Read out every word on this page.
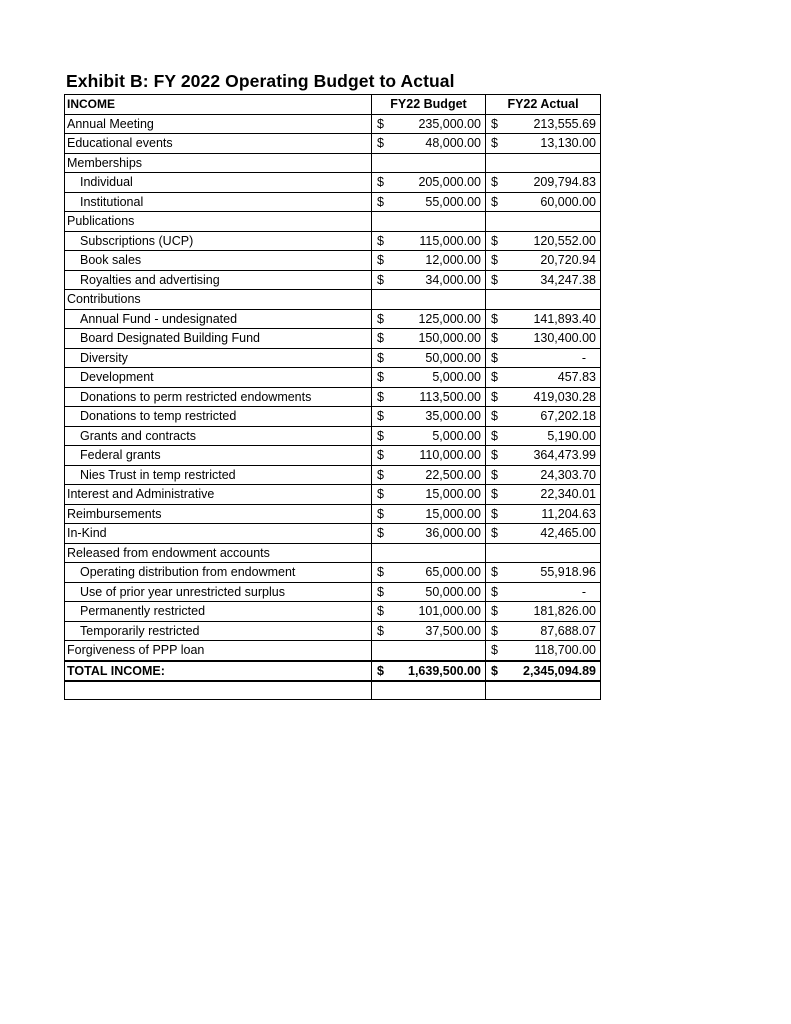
Exhibit B: FY 2022 Operating Budget to Actual
INCOME	FY22 Budget	FY22 Actual
Annual Meeting	$ 235,000.00	$ 213,555.69

Educational events	$ 48,000.00	$ 13,130.00

Memberships		
Individual	$ 205,000.00	$ 209,794.83

Institutional	$ 55,000.00	$ 60,000.00

Publications		
Subscriptions (UCP)	$ 115,000.00	$ 120,552.00

Book sales	$ 12,000.00	$ 20,720.94

Royalties and advertising	$ 34,000.00	$ 34,247.38

Contributions		
Annual Fund - undesignated	$ 125,000.00	$ 141,893.40

Board Designated Building Fund	$ 150,000.00	$ 130,400.00

Diversity	$ 50,000.00	$ -

Development	$ 5,000.00	$ 457.83

Donations to perm restricted endowments	$ 113,500.00	$ 419,030.28

Donations to temp restricted	$ 35,000.00	$ 67,202.18

Grants and contracts	$ 5,000.00	$ 5,190.00

Federal grants	$ 110,000.00	$ 364,473.99

Nies Trust in temp restricted	$ 22,500.00	$ 24,303.70

Interest and Administrative	$ 15,000.00	$ 22,340.01

Reimbursements	$ 15,000.00	$ 11,204.63

In-Kind	$ 36,000.00	$ 42,465.00

Released from endowment accounts		
Operating distribution from endowment	$ 65,000.00	$ 55,918.96

Use of prior year unrestricted surplus	$ 50,000.00	$ -

Permanently restricted	$ 101,000.00	$ 181,826.00

Temporarily restricted	$ 37,500.00	$ 87,688.07

Forgiveness of PPP loan		$ 118,700.00

TOTAL INCOME:	$ 1,639,500.00	$ 2,345,094.89
